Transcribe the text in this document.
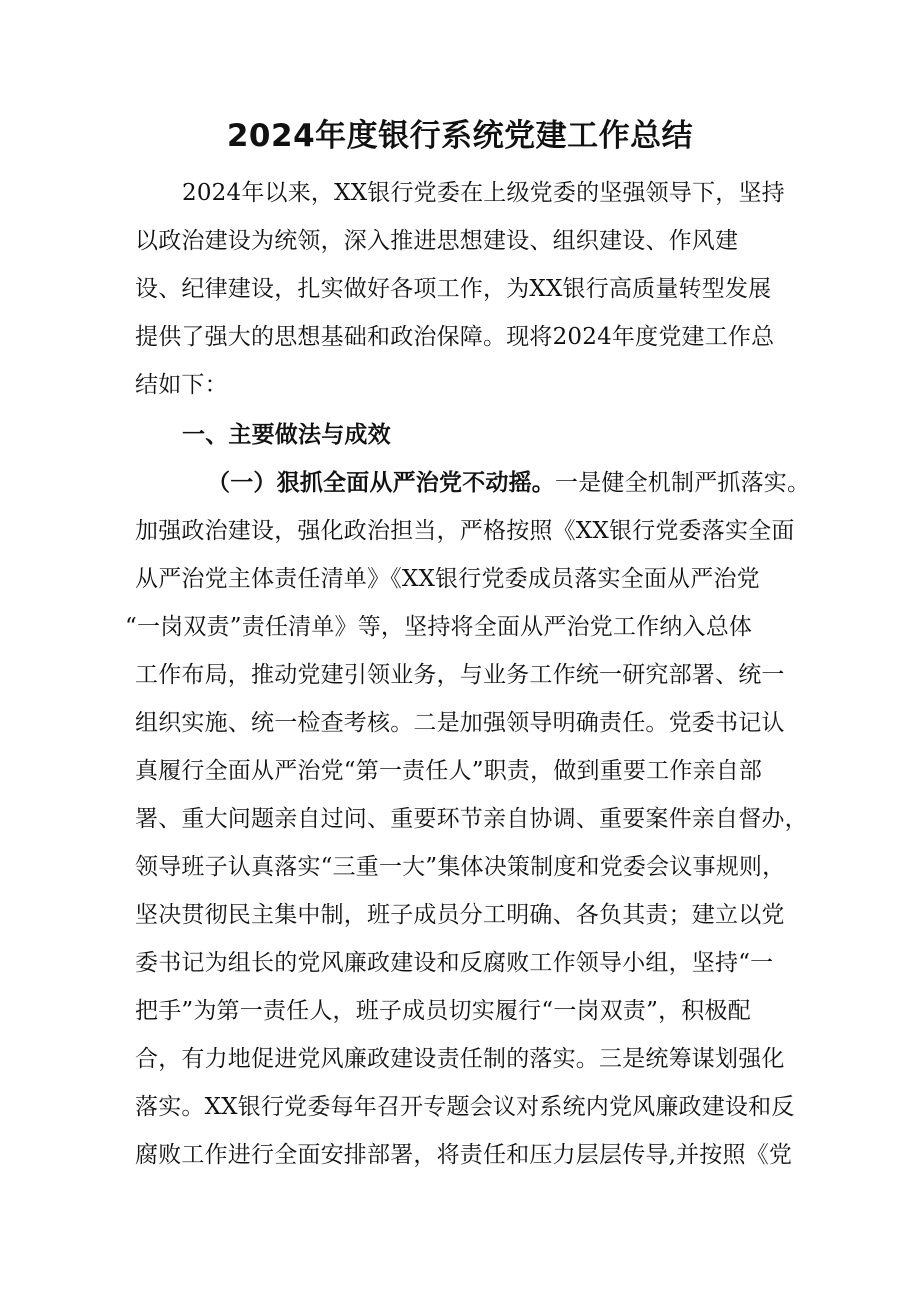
2024年度银行系统党建工作总结
2024年以来，XX银行党委在上级党委的坚强领导下，坚持
以政治建设为统领，深入推进思想建设、组织建设、作风建
设、纪律建设，扎实做好各项工作，为XX银行高质量转型发展
提供了强大的思想基础和政治保障。现将2024年度党建工作总
结如下：
一、主要做法与成效
（一）狠抓全面从严治党不动摇。一是健全机制严抓落实。
加强政治建设，强化政治担当，严格按照《XX银行党委落实全面
从严治党主体责任清单》《XX银行党委成员落实全面从严治党
“一岗双责”责任清单》等，坚持将全面从严治党工作纳入总体
工作布局，推动党建引领业务，与业务工作统一研究部署、统一
组织实施、统一检查考核。二是加强领导明确责任。党委书记认
真履行全面从严治党“第一责任人”职责，做到重要工作亲自部
署、重大问题亲自过问、重要环节亲自协调、重要案件亲自督办，
领导班子认真落实“三重一大”集体决策制度和党委会议事规则，
坚决贯彻民主集中制，班子成员分工明确、各负其责；建立以党
委书记为组长的党风廉政建设和反腐败工作领导小组，坚持“一
把手”为第一责任人，班子成员切实履行“一岗双责”，积极配
合，有力地促进党风廉政建设责任制的落实。三是统筹谋划强化
落实。XX银行党委每年召开专题会议对系统内党风廉政建设和反
腐败工作进行全面安排部署，将责任和压力层层传导,并按照《党
